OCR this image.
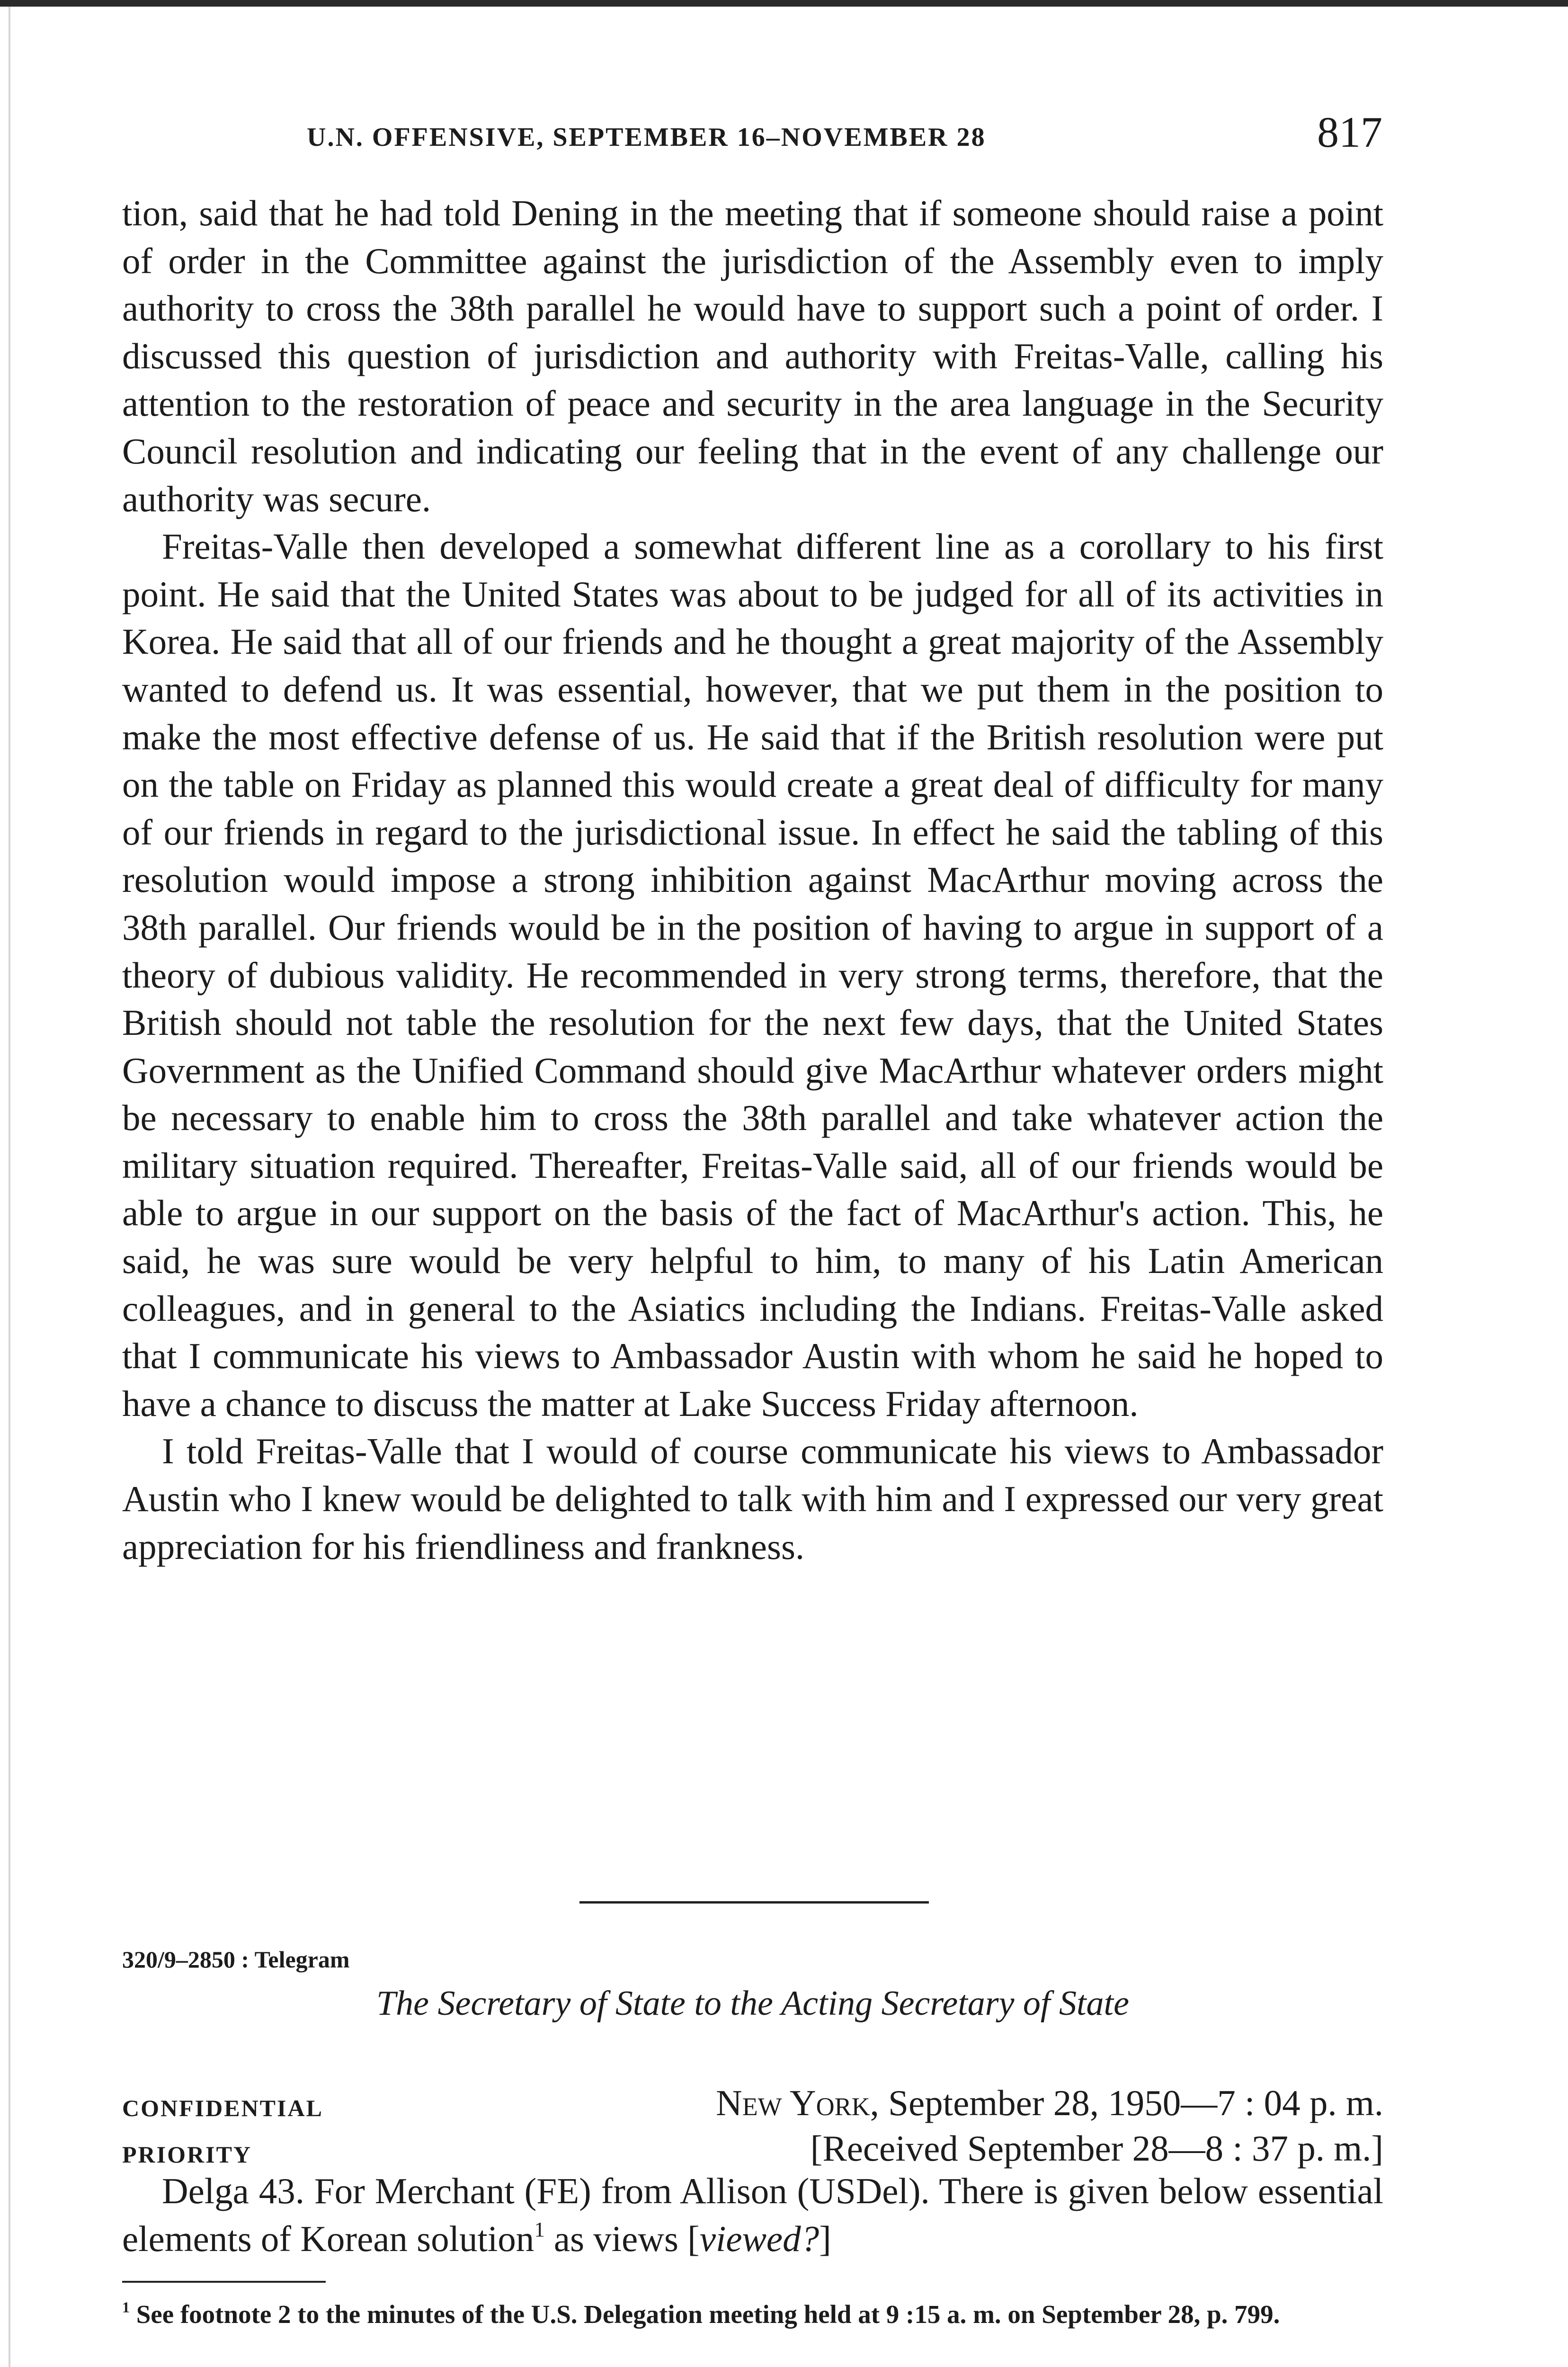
U.N. OFFENSIVE, SEPTEMBER 16–NOVEMBER 28	817

tion, said that he had told Dening in the meeting that if someone should raise a point of order in the Committee against the jurisdiction of the Assembly even to imply authority to cross the 38th parallel he would have to support such a point of order. I discussed this question of jurisdiction and authority with Freitas-Valle, calling his attention to the restoration of peace and security in the area language in the Security Council resolution and indicating our feeling that in the event of any challenge our authority was secure.

Freitas-Valle then developed a somewhat different line as a corollary to his first point. He said that the United States was about to be judged for all of its activities in Korea. He said that all of our friends and he thought a great majority of the Assembly wanted to defend us. It was essential, however, that we put them in the position to make the most effective defense of us. He said that if the British resolution were put on the table on Friday as planned this would create a great deal of difficulty for many of our friends in regard to the jurisdictional issue. In effect he said the tabling of this resolution would impose a strong inhibition against MacArthur moving across the 38th parallel. Our friends would be in the position of having to argue in support of a theory of dubious validity. He recommended in very strong terms, therefore, that the British should not table the resolution for the next few days, that the United States Government as the Unified Command should give MacArthur whatever orders might be necessary to enable him to cross the 38th parallel and take whatever action the military situation required. Thereafter, Freitas-Valle said, all of our friends would be able to argue in our support on the basis of the fact of MacArthur's action. This, he said, he was sure would be very helpful to him, to many of his Latin American colleagues, and in general to the Asiatics including the Indians. Freitas-Valle asked that I communicate his views to Ambassador Austin with whom he said he hoped to have a chance to discuss the matter at Lake Success Friday afternoon.

I told Freitas-Valle that I would of course communicate his views to Ambassador Austin who I knew would be delighted to talk with him and I expressed our very great appreciation for his friendliness and frankness.

320/9–2850 : Telegram
The Secretary of State to the Acting Secretary of State
CONFIDENTIAL	New York, September 28, 1950—7 : 04 p. m.
PRIORITY	[Received September 28—8 : 37 p. m.]

Delga 43. For Merchant (FE) from Allison (USDel). There is given below essential elements of Korean solution$^1$ as views [viewed?]

$^1$ See footnote 2 to the minutes of the U.S. Delegation meeting held at 9 :15 a. m. on September 28, p. 799.
